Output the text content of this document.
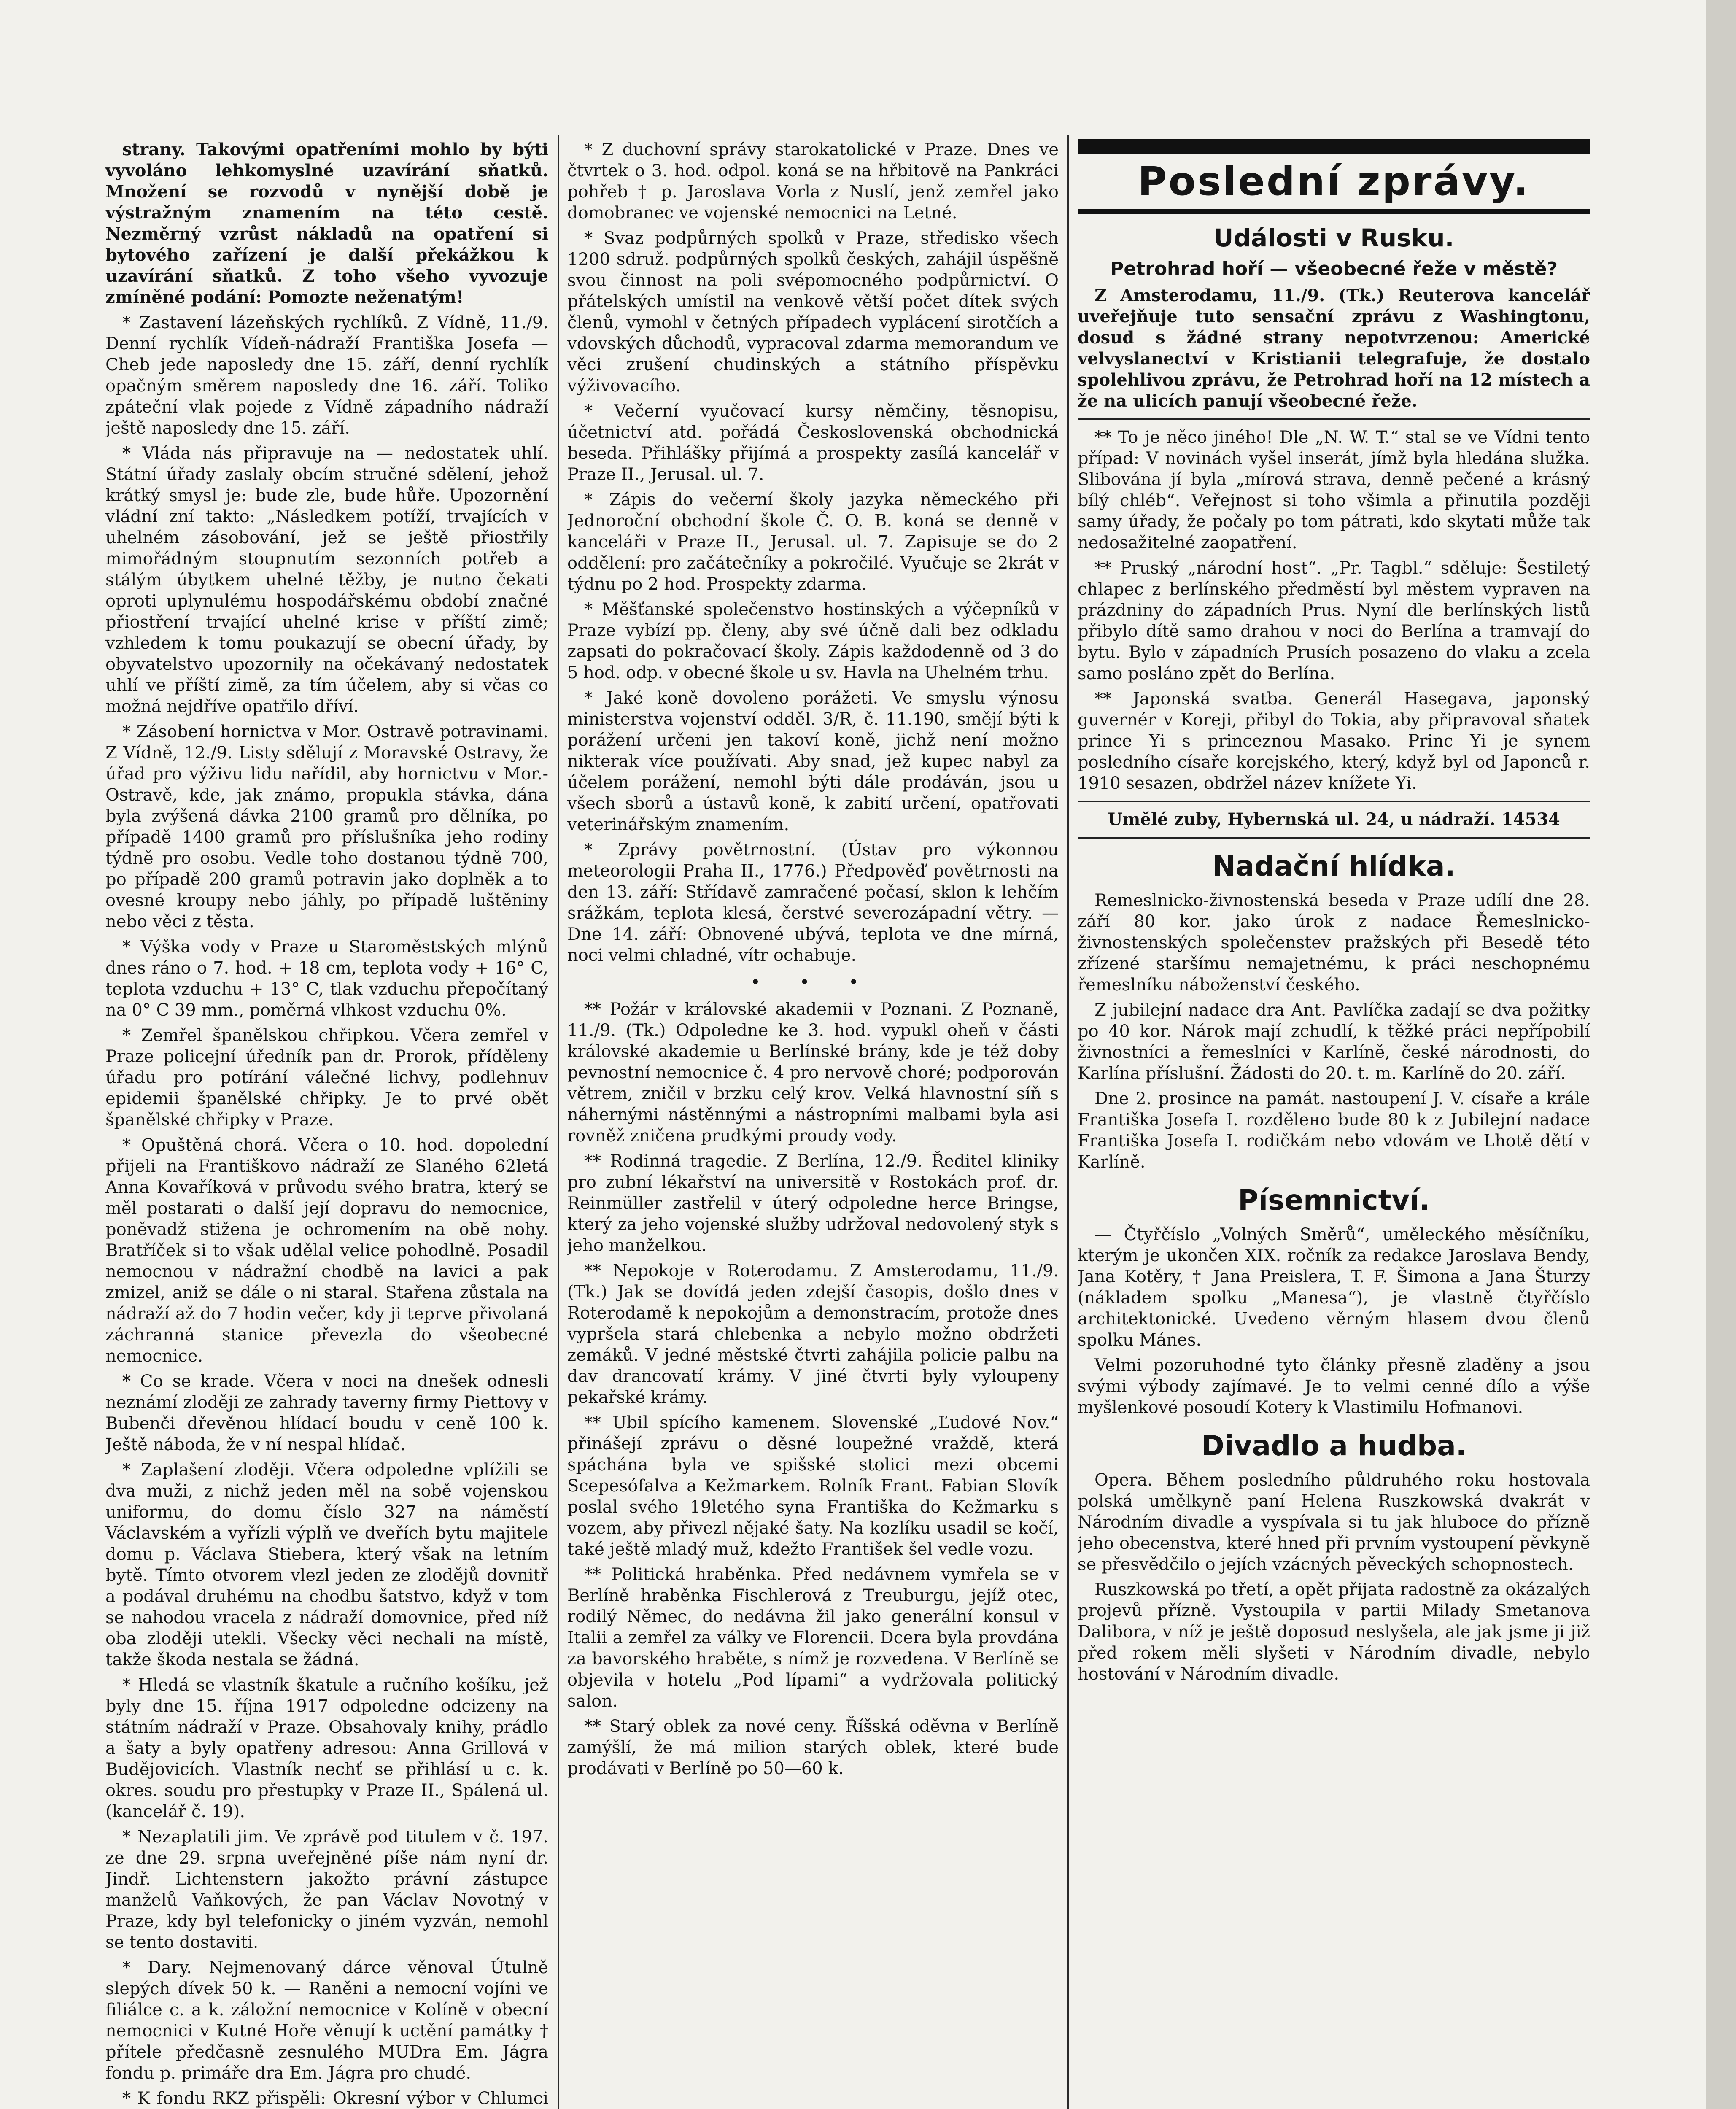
strany. Takovými opatřeními mohlo by býti vyvoláno lehkomyslné uzavírání sňatků. Množení se rozvodů v nynější době je výstražným znamením na této cestě. Nezměrný vzrůst nákladů na opatření si bytového zařízení je další překážkou k uzavírání sňatků. Z toho všeho vyvozuje zmíněné podání: Pomozte neženatým!

* Zastavení lázeňských rychlíků. Z Vídně, 11./9. Denní rychlík Vídeň-nádraží Františka Josefa — Cheb jede naposledy dne 15. září, denní rychlík opačným směrem naposledy dne 16. září. Toliko zpáteční vlak pojede z Vídně západního nádraží ještě naposledy dne 15. září.

* Vláda nás připravuje na — nedostatek uhlí. Státní úřady zaslaly obcím stručné sdělení, jehož krátký smysl je: bude zle, bude hůře. Upozornění vládní zní takto: „Následkem potíží, trvajících v uhelném zásobování, jež se ještě přiostřily mimořádným stoupnutím sezonních potřeb a stálým úbytkem uhelné těžby, je nutno čekati oproti uplynulému hospodářskému období značné přiostření trvající uhelné krise v příští zimě; vzhledem k tomu poukazují se obecní úřady, by obyvatelstvo upozornily na očekávaný nedostatek uhlí ve příští zimě, za tím účelem, aby si včas co možná nejdříve opatřilo dříví.

* Zásobení hornictva v Mor. Ostravě potravinami. Z Vídně, 12./9. Listy sdělují z Moravské Ostravy, že úřad pro výživu lidu nařídil, aby hornictvu v Mor.-Ostravě, kde, jak známo, propukla stávka, dána byla zvýšená dávka 2100 gramů pro dělníka, po případě 1400 gramů pro příslušníka jeho rodiny týdně pro osobu. Vedle toho dostanou týdně 700, po případě 200 gramů potravin jako doplněk a to ovesné kroupy nebo jáhly, po případě luštěniny nebo věci z těsta.

* Výška vody v Praze u Staroměstských mlýnů dnes ráno o 7. hod. + 18 cm, teplota vody + 16° C, teplota vzduchu + 13° C, tlak vzduchu přepočítaný na 0° C 39 mm., poměrná vlhkost vzduchu 0%.

* Zemřel španělskou chřipkou. Včera zemřel v Praze policejní úředník pan dr. Prorok, příděleny úřadu pro potírání válečné lichvy, podlehnuv epidemii španělské chřipky. Je to prvé obět španělské chřipky v Praze.

* Opuštěná chorá. Včera o 10. hod. dopolední přijeli na Františkovo nádraží ze Slaného 62letá Anna Kovaříková v průvodu svého bratra, který se měl postarati o další její dopravu do nemocnice, poněvadž stižena je ochromením na obě nohy. Bratříček si to však udělal velice pohodlně. Posadil nemocnou v nádražní chodbě na lavici a pak zmizel, aniž se dále o ni staral. Stařena zůstala na nádraží až do 7 hodin večer, kdy ji teprve přivolaná záchranná stanice převezla do všeobecné nemocnice.

* Co se krade. Včera v noci na dnešek odnesli neznámí zloději ze zahrady taverny firmy Piettovy v Bubenči dřevěnou hlídací boudu v ceně 100 k. Ještě náboda, že v ní nespal hlídač.

* Zaplašení zloději. Včera odpoledne vplížili se dva muži, z nichž jeden měl na sobě vojenskou uniformu, do domu číslo 327 na náměstí Václavském a vyřízli výplň ve dveřích bytu majitele domu p. Václava Stiebera, který však na letním bytě. Tímto otvorem vlezl jeden ze zlodějů dovnitř a podával druhému na chodbu šatstvo, když v tom se nahodou vracela z nádraží domovnice, před níž oba zloději utekli. Všecky věci nechali na místě, takže škoda nestala se žádná.

* Hledá se vlastník škatule a ručního košíku, jež byly dne 15. října 1917 odpoledne odcizeny na státním nádraží v Praze. Obsahovaly knihy, prádlo a šaty a byly opatřeny adresou: Anna Grillová v Budějovicích. Vlastník nechť se přihlásí u c. k. okres. soudu pro přestupky v Praze II., Spálená ul. (kancelář č. 19).

* Nezaplatili jim. Ve zprávě pod titulem v č. 197. ze dne 29. srpna uveřejněné píše nám nyní dr. Jindř. Lichtenstern jakožto právní zástupce manželů Vaňkových, že pan Václav Novotný v Praze, kdy byl telefonicky o jiném vyzván, nemohl se tento dostaviti.

* Dary. Nejmenovaný dárce věnoval Útulně slepých dívek 50 k. — Raněni a nemocní vojíni ve filiálce c. a k. záložní nemocnice v Kolíně v obecní nemocnici v Kutné Hoře věnují k uctění památky † přítele předčasně zesnulého MUDra Em. Jágra fondu p. primáře dra Em. Jágra pro chudé.

* K fondu RKZ přispěli: Okresní výbor v Chlumci

* Z duchovní správy starokatolické v Praze. Dnes ve čtvrtek o 3. hod. odpol. koná se na hřbitově na Pankráci pohřeb † p. Jaroslava Vorla z Nuslí, jenž zemřel jako domobranec ve vojenské nemocnici na Letné.

* Svaz podpůrných spolků v Praze, středisko všech 1200 sdruž. podpůrných spolků českých, zahájil úspěšně svou činnost na poli svépomocného podpůrnictví. O přátelských umístil na venkově větší počet dítek svých členů, vymohl v četných případech vyplácení sirotčích a vdovských důchodů, vypracoval zdarma memorandum ve věci zrušení chudinských a státního příspěvku výživovacího.

* Večerní vyučovací kursy němčiny, těsnopisu, účetnictví atd. pořádá Československá obchodnická beseda. Přihlášky přijímá a prospekty zasílá kancelář v Praze II., Jerusal. ul. 7.

* Zápis do večerní školy jazyka německého při Jednoroční obchodní škole Č. O. B. koná se denně v kanceláři v Praze II., Jerusal. ul. 7. Zapisuje se do 2 oddělení: pro začátečníky a pokročilé. Vyučuje se 2krát v týdnu po 2 hod. Prospekty zdarma.

* Měšťanské společenstvo hostinských a výčepníků v Praze vybízí pp. členy, aby své účně dali bez odkladu zapsati do pokračovací školy. Zápis každodenně od 3 do 5 hod. odp. v obecné škole u sv. Havla na Uhelném trhu.

* Jaké koně dovoleno porážeti. Ve smyslu výnosu ministerstva vojenství odděl. 3/R, č. 11.190, smějí býti k porážení určeni jen takoví koně, jichž není možno nikterak více používati. Aby snad, jež kupec nabyl za účelem porážení, nemohl býti dále prodáván, jsou u všech sborů a ústavů koně, k zabití určení, opatřovati veterinářským znamením.

* Zprávy povětrnostní. (Ústav pro výkonnou meteorologii Praha II., 1776.) Předpověď povětrnosti na den 13. září: Střídavě zamračené počasí, sklon k lehčím srážkám, teplota klesá, čerstvé severozápadní větry. — Dne 14. září: Obnovené ubývá, teplota ve dne mírná, noci velmi chladné, vítr ochabuje.

• • •

** Požár v královské akademii v Poznani. Z Poznaně, 11./9. (Tk.) Odpoledne ke 3. hod. vypukl oheň v části královské akademie u Berlínské brány, kde je též doby pevnostní nemocnice č. 4 pro nervově choré; podporován větrem, zničil v brzku celý krov. Velká hlavnostní síň s náhernými nástěnnými a nástropními malbami byla asi rovněž zničena prudkými proudy vody.

** Rodinná tragedie. Z Berlína, 12./9. Ředitel kliniky pro zubní lékařství na universitě v Rostokách prof. dr. Reinmüller zastřelil v úterý odpoledne hercе Bringse, který za jeho vojenské služby udržoval nedovolený styk s jeho manželkou.

** Nepokoje v Roterodamu. Z Amsterodamu, 11./9. (Tk.) Jak se dovídá jeden zdejší časopis, došlo dnes v Roterodamě k nepokojům a demonstracím, protože dnes vypršela stará chlebenka a nebylo možno obdržeti zemáků. V jedné městské čtvrti zahájila policie palbu na dav drancovatí krámy. V jiné čtvrti byly vyloupeny pekařské krámy.

** Ubil spícího kamenem. Slovenské „Ľudové Nov.“ přinášejí zprávu o děsné loupežné vraždě, která spáchána byla ve spišské stolici mezi obcemi Scepesófalva a Kežmarkem. Rolník Frant. Fabian Slovík poslal svého 19letého syna Františka do Kežmarku s vozem, aby přivezl nějaké šaty. Na kozlíku usadil se kočí, také ještě mladý muž, kdežto František šel vedle vozu.

** Politická hraběnka. Před nedávnem vymřela se v Berlíně hraběnka Fischlerová z Treuburgu, jejíž otec, rodilý Němec, do nedávna žil jako generální konsul v Italii a zemřel za války ve Florencii. Dcera byla provdána za bavorského hraběte, s nímž je rozvedena. V Berlíně se objevila v hotelu „Pod lípami“ a vydržovala politický salon.

** Starý oblek za nové ceny. Říšská oděvna v Berlíně zamýšlí, že má milion starých oblek, které bude prodávati v Berlíně po 50—60 k.

Poslední zprávy.
Události v Rusku.
Petrohrad hoří — všeobecné řeže v městě?

Z Amsterodamu, 11./9. (Tk.) Reuterova kancelář uveřejňuje tuto sensační zprávu z Washingtonu, dosud s žádné strany nepotvrzenou: Americké velvyslanectví v Kristianii telegrafuje, že dostalo spolehlivou zprávu, že Petrohrad hoří na 12 místech a že na ulicích panují všeobecné řeže.

** To je něco jiného! Dle „N. W. T.“ stal se ve Vídni tento případ: V novinách vyšel inserát, jímž byla hledána služka. Slibována jí byla „mírová strava, denně pečené a krásný bílý chléb“. Veřejnost si toho všimla a přinutila později samy úřady, že počaly po tom pátrati, kdo skytati může tak nedosažitelné zaopatření.

** Pruský „národní host“. „Pr. Tagbl.“ sděluje: Šestiletý chlapec z berlínského předměstí byl městem vypraven na prázdniny do západních Prus. Nyní dle berlínských listů přibylo dítě samo drahou v noci do Berlína a tramvají do bytu. Bylo v západních Prusích posazeno do vlaku a zcela samo posláno zpět do Berlína.

** Japonská svatba. Generál Hasegava, japonský guvernér v Koreji, přibyl do Tokia, aby připravoval sňatek prince Yi s princeznou Masako. Princ Yi je synem posledního císaře korejského, který, když byl od Japonců r. 1910 sesazen, obdržel název knížete Yi.

Umělé zuby, Hybernská ul. 24, u nádraží. 14534
Nadační hlídka.

Remeslnicko-živnostenská beseda v Praze udílí dne 28. září 80 kor. jako úrok z nadace Řemeslnicko-živnostenských společenstev pražských při Besedě této zřízené staršímu nemajetnému, k práci neschopnému řemeslníku náboženství českého.

Z jubilejní nadace dra Ant. Pavlíčka zadají se dva požitky po 40 kor. Nárok mají zchudlí, k těžké práci nepřípobilí živnostníci a řemeslníci v Karlíně, české národnosti, do Karlína příslušní. Žádosti do 20. t. m. Karlíně do 20. září.

Dne 2. prosince na památ. nastoupení J. V. císaře a krále Františka Josefa I. rozdělено bude 80 k z Jubilejní nadace Františka Josefa I. rodičkám nebo vdovám ve Lhotě dětí v Karlíně.

Písemnictví.

— Čtyřčíslo „Volných Směrů“, uměleckého měsíčníku, kterým je ukončen XIX. ročník za redakce Jaroslava Bendy, Jana Kotěry, † Jana Preislera, T. F. Šimona a Jana Šturzy (nákladem spolku „Manesa“), je vlastně čtyřčíslo architektonické. Uvedeno věrným hlasem dvou členů spolku Mánes.

Velmi pozoruhodné tyto články přesně zladěny a jsou svými výbody zajímavé. Je to velmi cenné dílo a výše myšlenkové posoudí Kotery k Vlastimilu Hofmanovi.

Divadlo a hudba.

Opera. Během posledního půldruhého roku hostovala polská umělkyně paní Helena Ruszkowská dvakrát v Národním divadle a vyspívala si tu jak hluboce do přízně jeho obecenstva, které hned při prvním vystoupení pěvkyně se přesvědčilo o jejích vzácných pěveckých schopnostech.

Ruszkowská po třetí, a opět přijata radostně za okázalých projevů přízně. Vystoupila v partii Milady Smetanova Dalibora, v níž je ještě doposud neslyšela, ale jak jsme ji již před rokem měli slyšeti v Národním divadle, nebylo hostování v Národním divadle.
